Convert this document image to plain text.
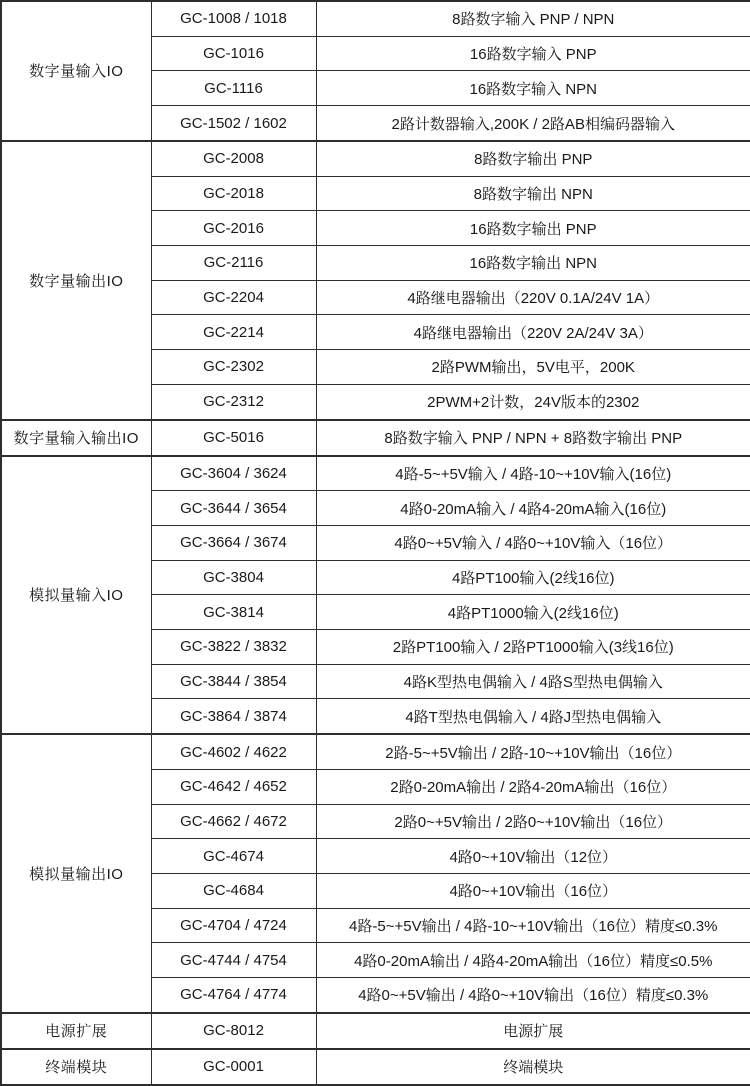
数字量输入IO	GC-1008 / 1018	8路数字输入 PNP / NPN
	GC-1016	16路数字输入 PNP
	GC-1116	16路数字输入 NPN
	GC-1502 / 1602	2路计数器输入,200K / 2路AB相编码器输入
数字量输出IO	GC-2008	8路数字输出 PNP
	GC-2018	8路数字输出 NPN
	GC-2016	16路数字输出 PNP
	GC-2116	16路数字输出 NPN
	GC-2204	4路继电器输出（220V 0.1A/24V 1A）
	GC-2214	4路继电器输出（220V 2A/24V 3A）
	GC-2302	2路PWM输出，5V电平，200K
	GC-2312	2PWM+2计数，24V版本的2302
数字量输入输出IO	GC-5016	8路数字输入 PNP / NPN + 8路数字输出 PNP
模拟量输入IO	GC-3604 / 3624	4路-5~+5V输入 / 4路-10~+10V输入(16位)
	GC-3644 / 3654	4路0-20mA输入 / 4路4-20mA输入(16位)
	GC-3664 / 3674	4路0~+5V输入 / 4路0~+10V输入（16位）
	GC-3804	4路PT100输入(2线16位)
	GC-3814	4路PT1000输入(2线16位)
	GC-3822 / 3832	2路PT100输入 / 2路PT1000输入(3线16位)
	GC-3844 / 3854	4路K型热电偶输入 / 4路S型热电偶输入
	GC-3864 / 3874	4路T型热电偶输入 / 4路J型热电偶输入
模拟量输出IO	GC-4602 / 4622	2路-5~+5V输出 / 2路-10~+10V输出（16位）
	GC-4642 / 4652	2路0-20mA输出 / 2路4-20mA输出（16位）
	GC-4662 / 4672	2路0~+5V输出 / 2路0~+10V输出（16位）
	GC-4674	4路0~+10V输出（12位）
	GC-4684	4路0~+10V输出（16位）
	GC-4704 / 4724	4路-5~+5V输出 / 4路-10~+10V输出（16位）精度≤0.3%
	GC-4744 / 4754	4路0-20mA输出 / 4路4-20mA输出（16位）精度≤0.5%
	GC-4764 / 4774	4路0~+5V输出 / 4路0~+10V输出（16位）精度≤0.3%
电源扩展	GC-8012	电源扩展
终端模块	GC-0001	终端模块
